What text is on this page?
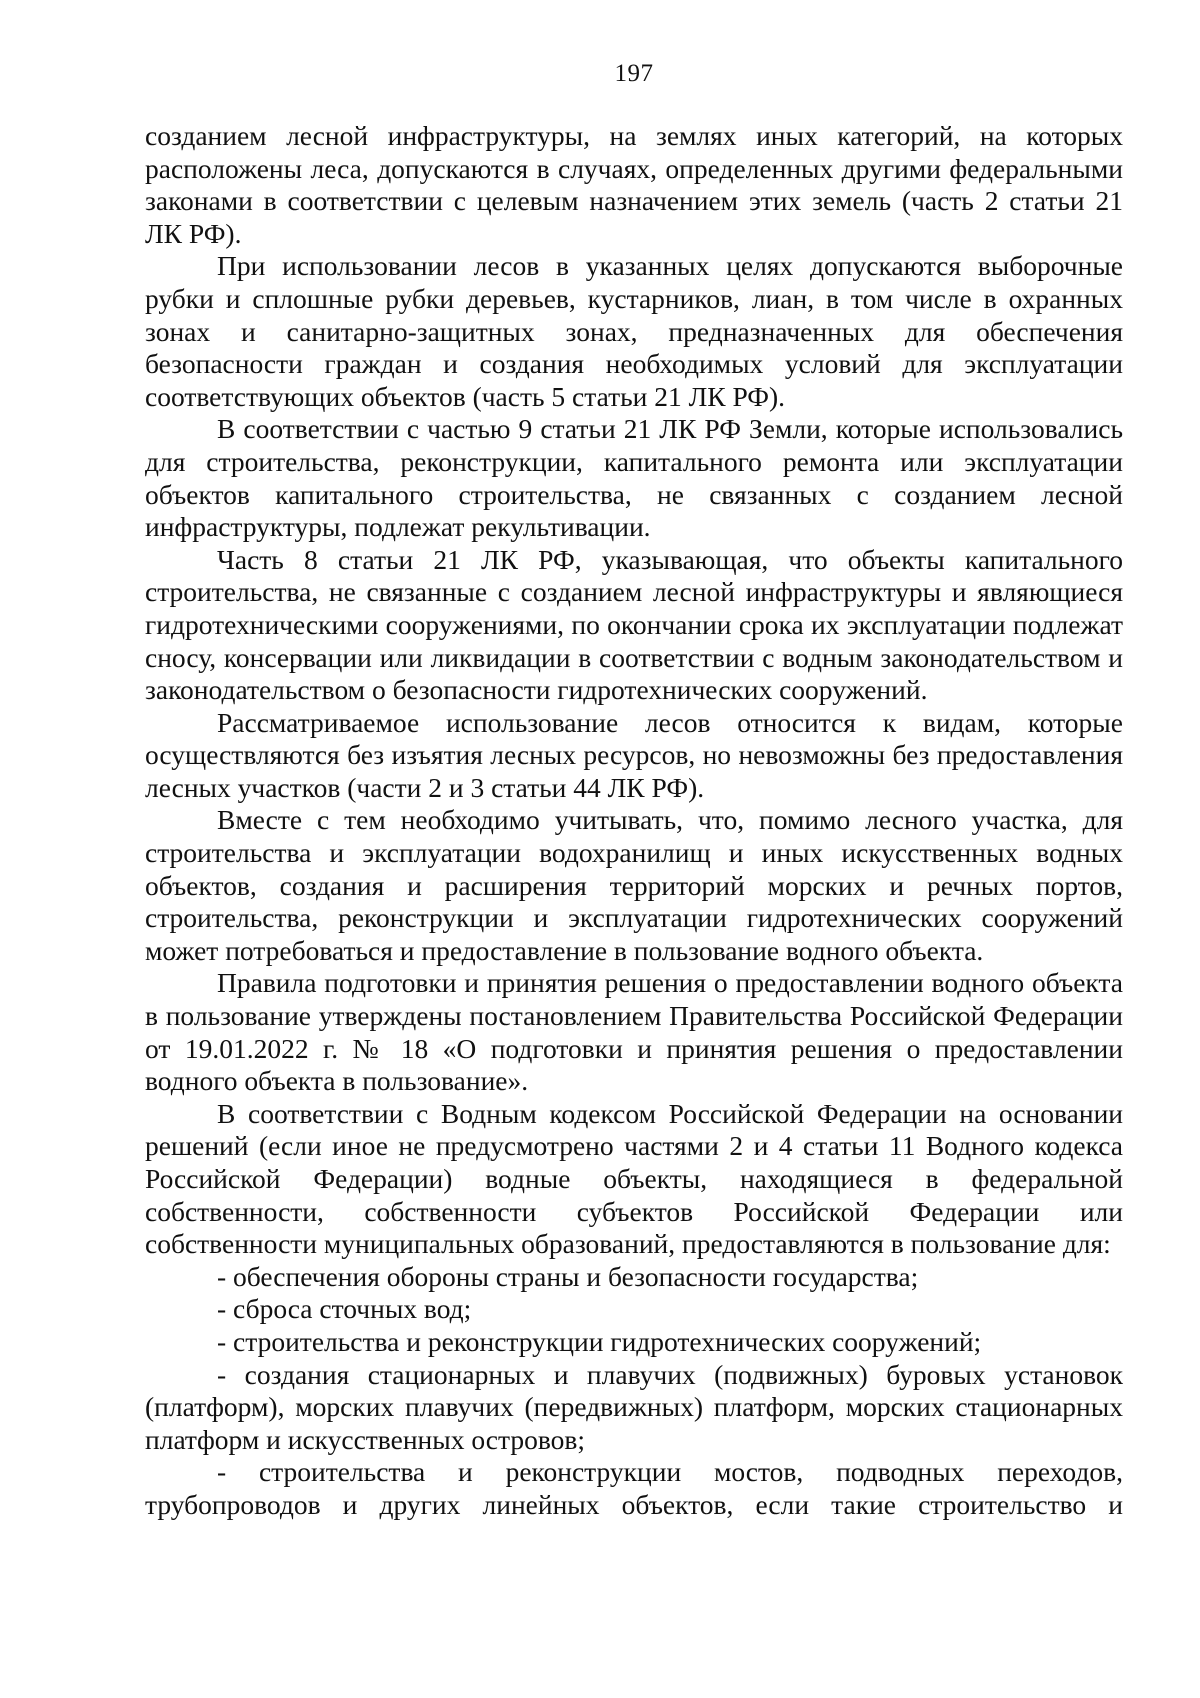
197

созданием лесной инфраструктуры, на землях иных категорий, на которых расположены леса, допускаются в случаях, определенных другими федеральными законами в соответствии с целевым назначением этих земель (часть 2 статьи 21 ЛК РФ).

При использовании лесов в указанных целях допускаются выборочные рубки и сплошные рубки деревьев, кустарников, лиан, в том числе в охранных зонах и санитарно-защитных зонах, предназначенных для обеспечения безопасности граждан и создания необходимых условий для эксплуатации соответствующих объектов (часть 5 статьи 21 ЛК РФ).

В соответствии с частью 9 статьи 21 ЛК РФ Земли, которые использовались для строительства, реконструкции, капитального ремонта или эксплуатации объектов капитального строительства, не связанных с созданием лесной инфраструктуры, подлежат рекультивации.

Часть 8 статьи 21 ЛК РФ, указывающая, что объекты капитального строительства, не связанные с созданием лесной инфраструктуры и являющиеся гидротехническими сооружениями, по окончании срока их эксплуатации подлежат сносу, консервации или ликвидации в соответствии с водным законодательством и законодательством о безопасности гидротехнических сооружений.

Рассматриваемое использование лесов относится к видам, которые осуществляются без изъятия лесных ресурсов, но невозможны без предоставления лесных участков (части 2 и 3 статьи 44 ЛК РФ).

Вместе с тем необходимо учитывать, что, помимо лесного участка, для строительства и эксплуатации водохранилищ и иных искусственных водных объектов, создания и расширения территорий морских и речных портов, строительства, реконструкции и эксплуатации гидротехнических сооружений может потребоваться и предоставление в пользование водного объекта.

Правила подготовки и принятия решения о предоставлении водного объекта в пользование утверждены постановлением Правительства Российской Федерации от 19.01.2022 г. № 18 «О подготовки и принятия решения о предоставлении водного объекта в пользование».

В соответствии с Водным кодексом Российской Федерации на основании решений (если иное не предусмотрено частями 2 и 4 статьи 11 Водного кодекса Российской Федерации) водные объекты, находящиеся в федеральной собственности, собственности субъектов Российской Федерации или собственности муниципальных образований, предоставляются в пользование для:

- обеспечения обороны страны и безопасности государства;

- сброса сточных вод;

- строительства и реконструкции гидротехнических сооружений;

- создания стационарных и плавучих (подвижных) буровых установок (платформ), морских плавучих (передвижных) платформ, морских стационарных платформ и искусственных островов;

- строительства и реконструкции мостов, подводных переходов, трубопроводов и других линейных объектов, если такие строительство и
